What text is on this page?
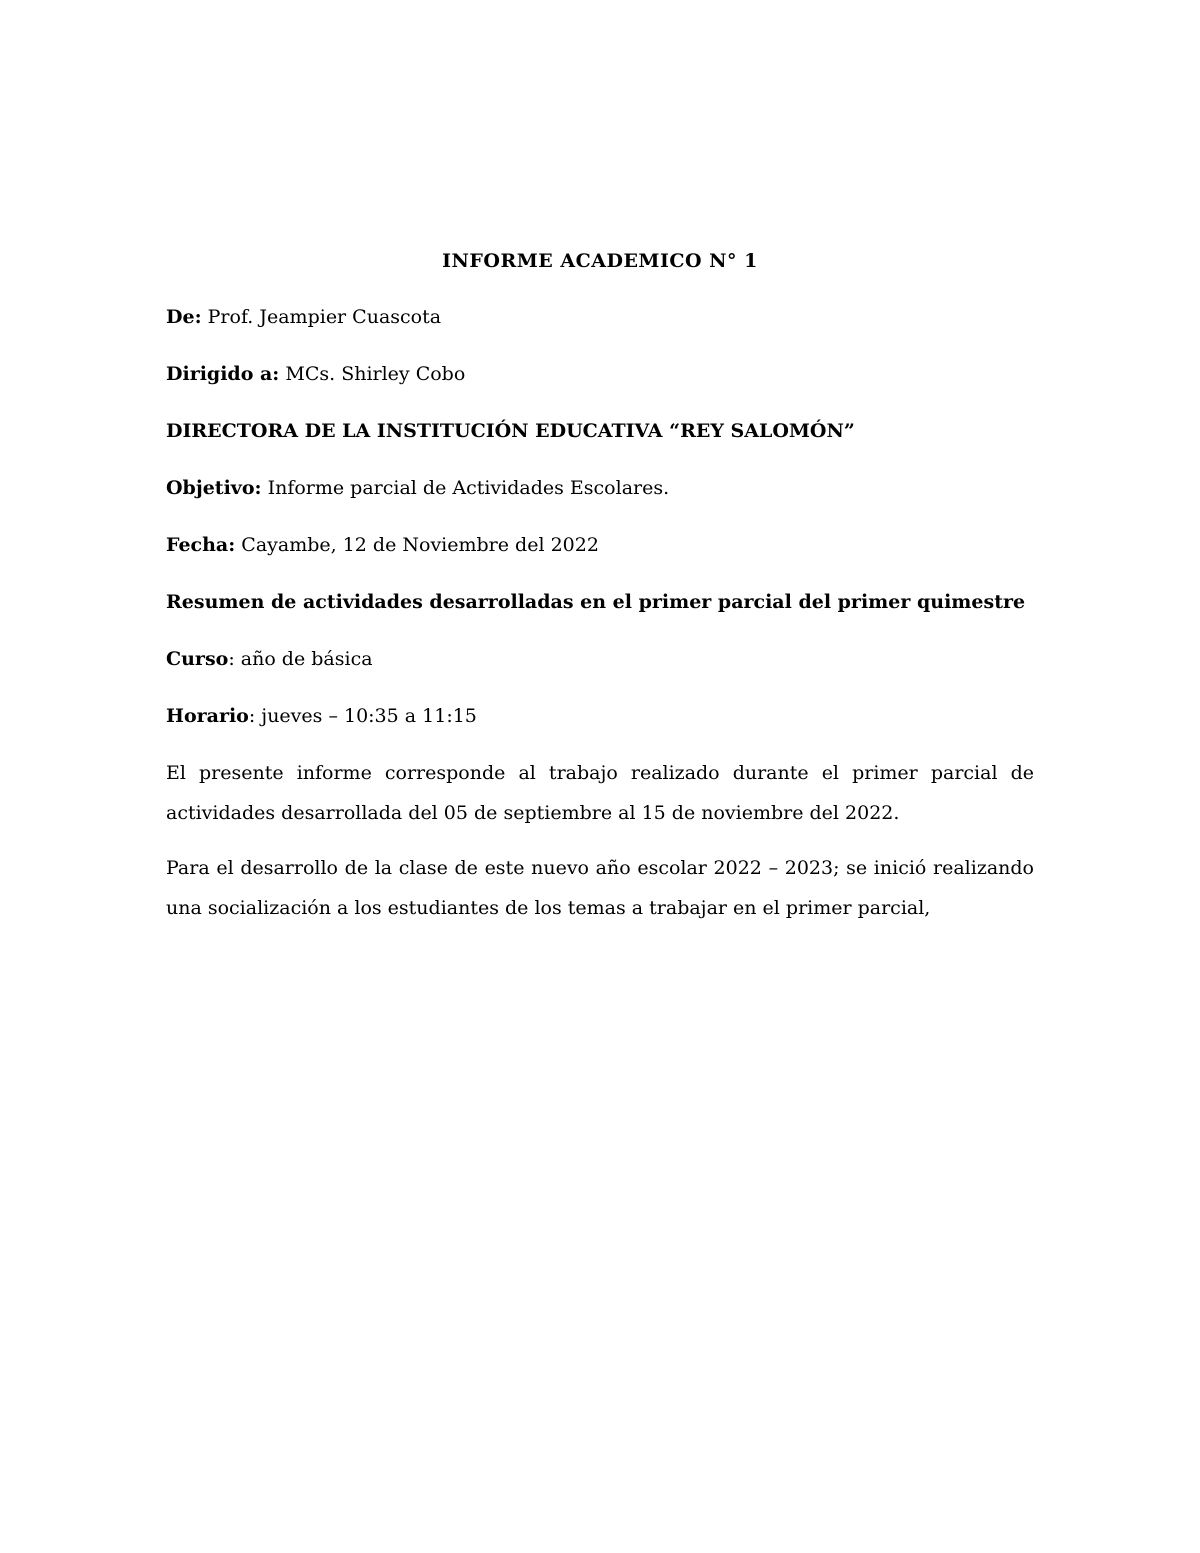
INFORME ACADEMICO N° 1
De: Prof. Jeampier Cuascota
Dirigido a: MCs. Shirley Cobo
DIRECTORA DE LA INSTITUCIÓN EDUCATIVA “REY SALOMÓN”
Objetivo: Informe parcial de Actividades Escolares.
Fecha: Cayambe, 12 de Noviembre del 2022
Resumen de actividades desarrolladas en el primer parcial del primer quimestre
Curso: año de básica
Horario: jueves – 10:35 a 11:15

El presente informe corresponde al trabajo realizado durante el primer parcial de actividades desarrollada del 05 de septiembre al 15 de noviembre del 2022.

Para el desarrollo de la clase de este nuevo año escolar 2022 – 2023; se inició realizando una socialización a los estudiantes de los temas a trabajar en el primer parcial,
